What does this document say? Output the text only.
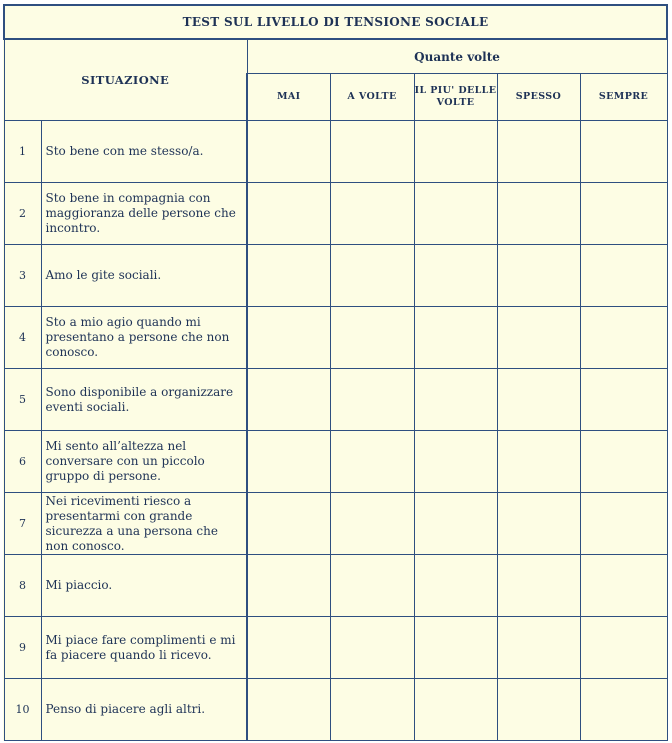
TEST SUL LIVELLO DI TENSIONE SOCIALE						
SITUAZIONE		Quante volte				
		MAI	A VOLTE	IL PIU' DELLE VOLTE	SPESSO	SEMPRE
1	Sto bene con me stesso/a.					
2	Sto bene in compagnia con maggioranza delle persone che incontro.					
3	Amo le gite sociali.					
4	Sto a mio agio quando mi presentano a persone che non conosco.					
5	Sono disponibile a organizzare eventi sociali.					
6	Mi sento all’altezza nel conversare con un piccolo gruppo di persone.					
7	Nei ricevimenti riesco a presentarmi con grande sicurezza a una persona che non conosco.					
8	Mi piaccio.					
9	Mi piace fare complimenti e mi fa piacere quando li ricevo.					
10	Penso di piacere agli altri.					
